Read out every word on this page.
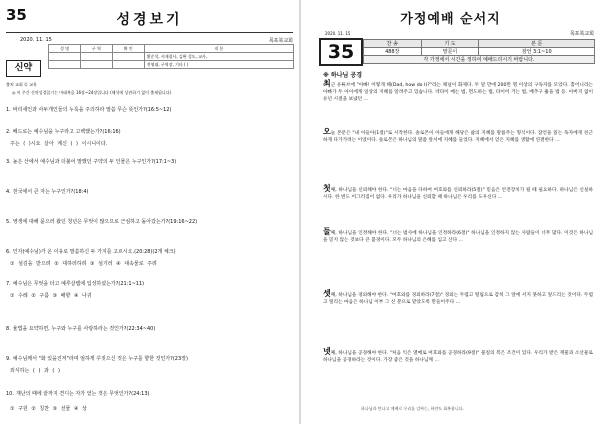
35	성경보기
2020. 11. 15	목포북교회
신약
성 명	구 역	확 인	직 분
			황준석, 서재철사, 김완 성도, 교사,
			전영대, 구역장, 기타 ( )
출처 교회 독 교육
◎ 이 주간 신약성경읽기는 마태복음 16장~24장입니다 (해석에 상관하기 없이 출제됩니다)
1. 바리새인과 사두개인들의 누룩을 주의하라 말씀 무슨 뜻인가?(16:5~12)
2. 베드로는 예수님을 누구라고 고백했는가?(16:16)
주는 ( )시요 살아 계신 ( ) 이시니이다.
3. 높은 산에서 예수님과 더불어 말했던 구약의 두 인물은 누구인가?(17:1~3)
4. 천국에서 큰 자는 누구인가?(18:4)
5. 영생에 대해 묻으러 왔던 청년은 무엇이 많으므로 근심하고 돌아갔는가?(19:16~22)
6. 인자(예수님)가 온 이유로 말씀하신 두 가지를 고르시오.(20:28)(2개 체크)
① 섬김을 받으려 ② 대하러하려 ③ 섬기러 ④ 대속물로 주려
7. 예수님은 무엇을 타고 예루살렘에 입성하셨는가?(21:1~11)
① 수레 ② 구름 ③ 배향 ④ 나귀
8. 율법을 요약하면, 누구와 누구를 사랑하라는 것인가?(22:34~40)
9. 예수님께서 "화 있을진저"라며 엄하게 꾸짖으신 것은 누구를 향한 것인가?(23장)
외식하는 ( ) 과 ( )
10. 재난의 때에 끝까지 견디는 자가 얻는 것은 무엇인가?(24:13)
① 구원 ② 칭찬 ③ 선물 ④ 상
가정예배 순서지
2020. 11. 15	목포북교회
35	찬 송	기 도	본 문
488장	말문이	잠언 3:1~10
각 가정에서 시간을 정하여 예배드리시기 바랍니다.		
※ 하나님 공경
최근 유튜브에 "아빠! 어떻게 해(Dad, how do I)?"라는 채널이 화제다. 두 달 만에 200만 명 이상의 구독자를 모았다. 홀어니라는 아빠가 두 아이에게 일상의 지혜를 알려주고 있습니다. 넥타이 매는 법, 면도하는 법, 타이어 거는 법, 배추구 훌을 법 등. 아버지 없이 유년 시절을 보냈던 ...
오늘 본문은 "내 아들아(1절)"로 시작한다. 솔로몬이 아들에게 해당은 삶의 지혜를 말씀주는 형식이다. 잠언을 읽는 독자에게 친근하게 다가가려는 이었이다. 솔로몬은 하나님의 말씀 앞서에 지혜를 들었다. 지혜에서 얻은 지혜를 생활에 연결한다 ...
첫째, 하나님을 신뢰해야 한다. "너는 마음을 다하여 여호와를 신뢰하라(5절)" 믿음은 안전장치가 될 때 필요하다. 하나님은 신실하시다. 한 번도 어그러짐이 없다. 우리가 하나님을 신뢰할 때 하나님은 우리를 도우신다 ...
둘째, 하나님을 인정해야 한다. "너는 범사에 하나님을 인정하라(6절)" 하나님을 인정하지 않는 사람들이 너무 많다. 이것은 하나님을 믿지 않는 것보다 큰 불경이다. 모두 하나님의 은혜를 입고 산다 ...
셋째, 하나님을 경외해야 한다. "여호와를 경외하라(7절)" 경외는 두렵고 떨림으로 감히 그 앞에 서지 못하고 엎드리는 것이다. 두렵고 떨리는 마음은 하나님 이부 그 신 분으로 맡았도록 만들어주다 ...
넷째, 하나님을 공경해야 한다. "처음 익은 열매로 여호와를 공경하라(9절)" 물질의 복은 조건이 있다. 우리가 받은 재물과 소산물로 하나님을 공경하라는 것이다. 가장 좋은 것을 하나님께 ...
하나님과 만나고 예배로 우리를 감싸는, 하얀도 회복합니다.
